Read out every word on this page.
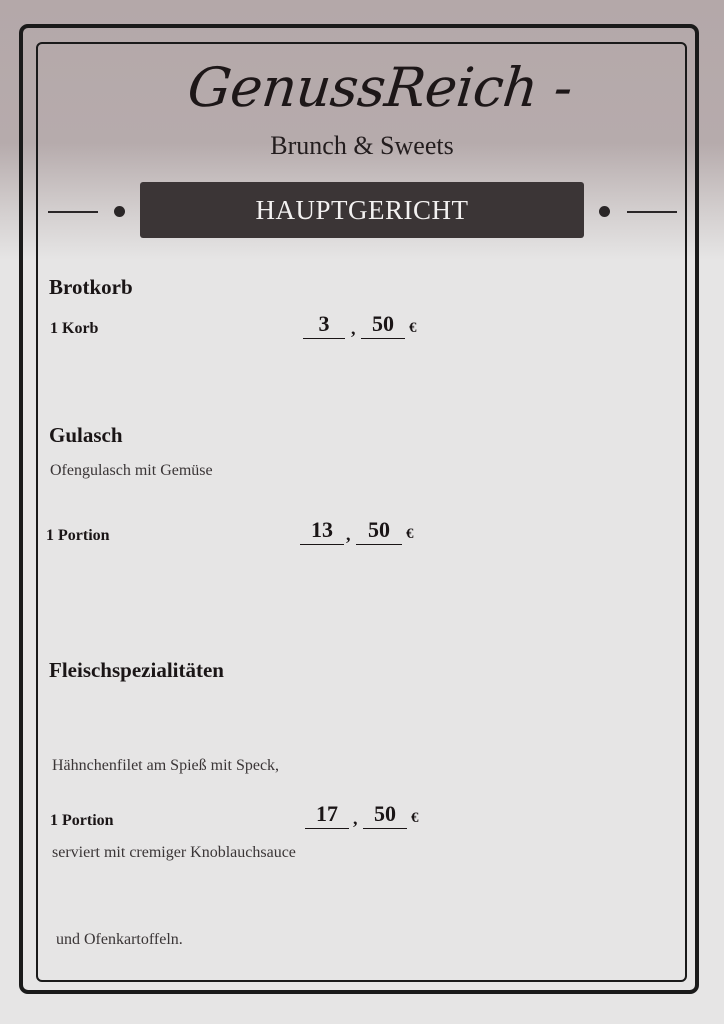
GenussReich -
Brunch & Sweets
HAUPTGERICHT
Brotkorb
1 Korb	3	, 50	€
Gulasch
Ofengulasch mit Gemüse
1 Portion	13 , 50	€
Fleischspezialitäten

Hähnchenfilet am Spieß mit Speck,

serviert mit cremiger Knoblauchsauce

und Ofenkartoffeln.

1 Portion	17 , 50	€
